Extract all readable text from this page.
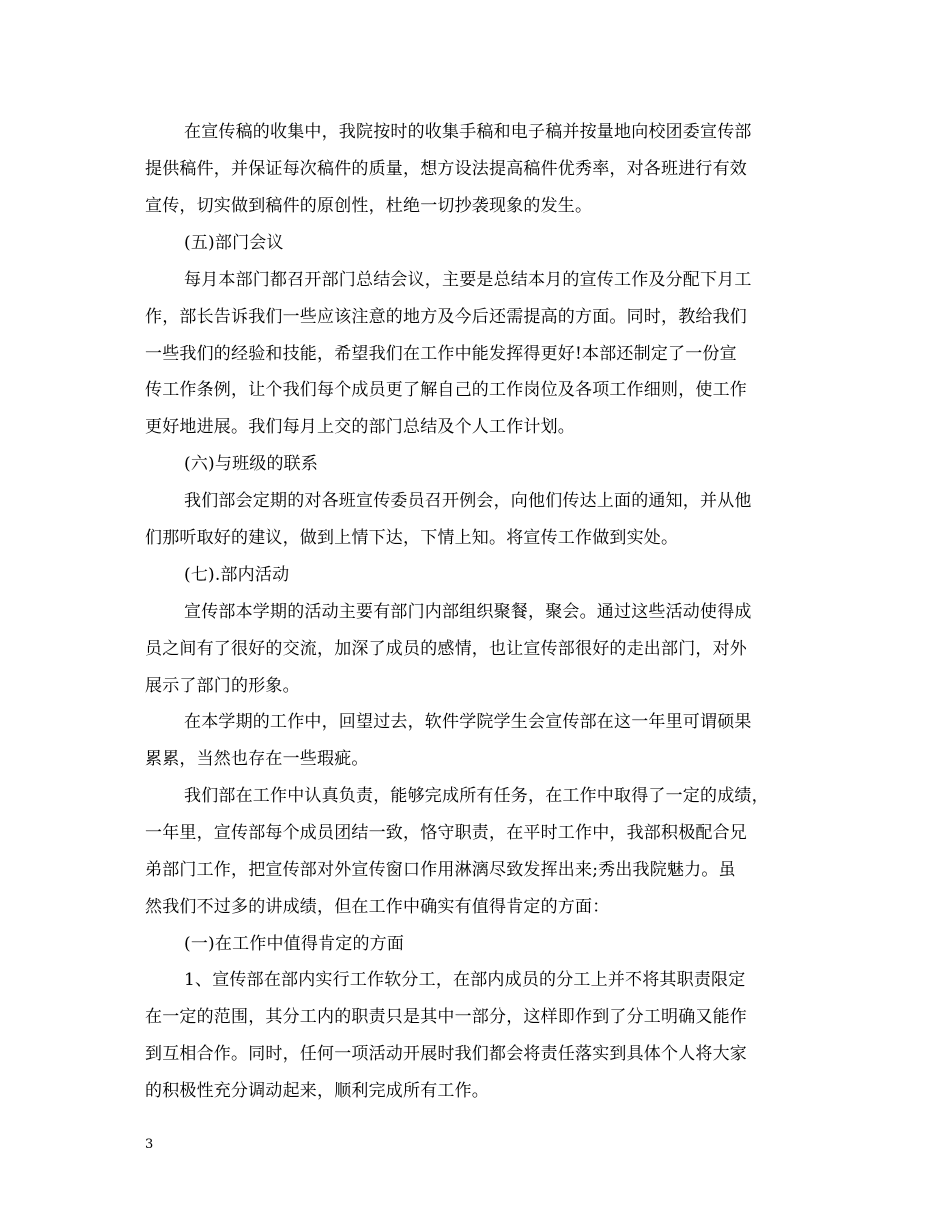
在宣传稿的收集中，我院按时的收集手稿和电子稿并按量地向校团委宣传部
提供稿件，并保证每次稿件的质量，想方设法提高稿件优秀率，对各班进行有效
宣传，切实做到稿件的原创性，杜绝一切抄袭现象的发生。
(五)部门会议
每月本部门都召开部门总结会议，主要是总结本月的宣传工作及分配下月工
作，部长告诉我们一些应该注意的地方及今后还需提高的方面。同时，教给我们
一些我们的经验和技能，希望我们在工作中能发挥得更好!本部还制定了一份宣
传工作条例，让个我们每个成员更了解自己的工作岗位及各项工作细则，使工作
更好地进展。我们每月上交的部门总结及个人工作计划。
(六)与班级的联系
我们部会定期的对各班宣传委员召开例会，向他们传达上面的通知，并从他
们那听取好的建议，做到上情下达，下情上知。将宣传工作做到实处。
(七).部内活动
宣传部本学期的活动主要有部门内部组织聚餐，聚会。通过这些活动使得成
员之间有了很好的交流，加深了成员的感情，也让宣传部很好的走出部门，对外
展示了部门的形象。
在本学期的工作中，回望过去，软件学院学生会宣传部在这一年里可谓硕果
累累，当然也存在一些瑕疵。
我们部在工作中认真负责，能够完成所有任务，在工作中取得了一定的成绩，
一年里，宣传部每个成员团结一致，恪守职责，在平时工作中，我部积极配合兄
弟部门工作，把宣传部对外宣传窗口作用淋漓尽致发挥出来;秀出我院魅力。虽
然我们不过多的讲成绩，但在工作中确实有值得肯定的方面：
(一)在工作中值得肯定的方面
1、宣传部在部内实行工作软分工，在部内成员的分工上并不将其职责限定
在一定的范围，其分工内的职责只是其中一部分，这样即作到了分工明确又能作
到互相合作。同时，任何一项活动开展时我们都会将责任落实到具体个人将大家
的积极性充分调动起来，顺利完成所有工作。
3
